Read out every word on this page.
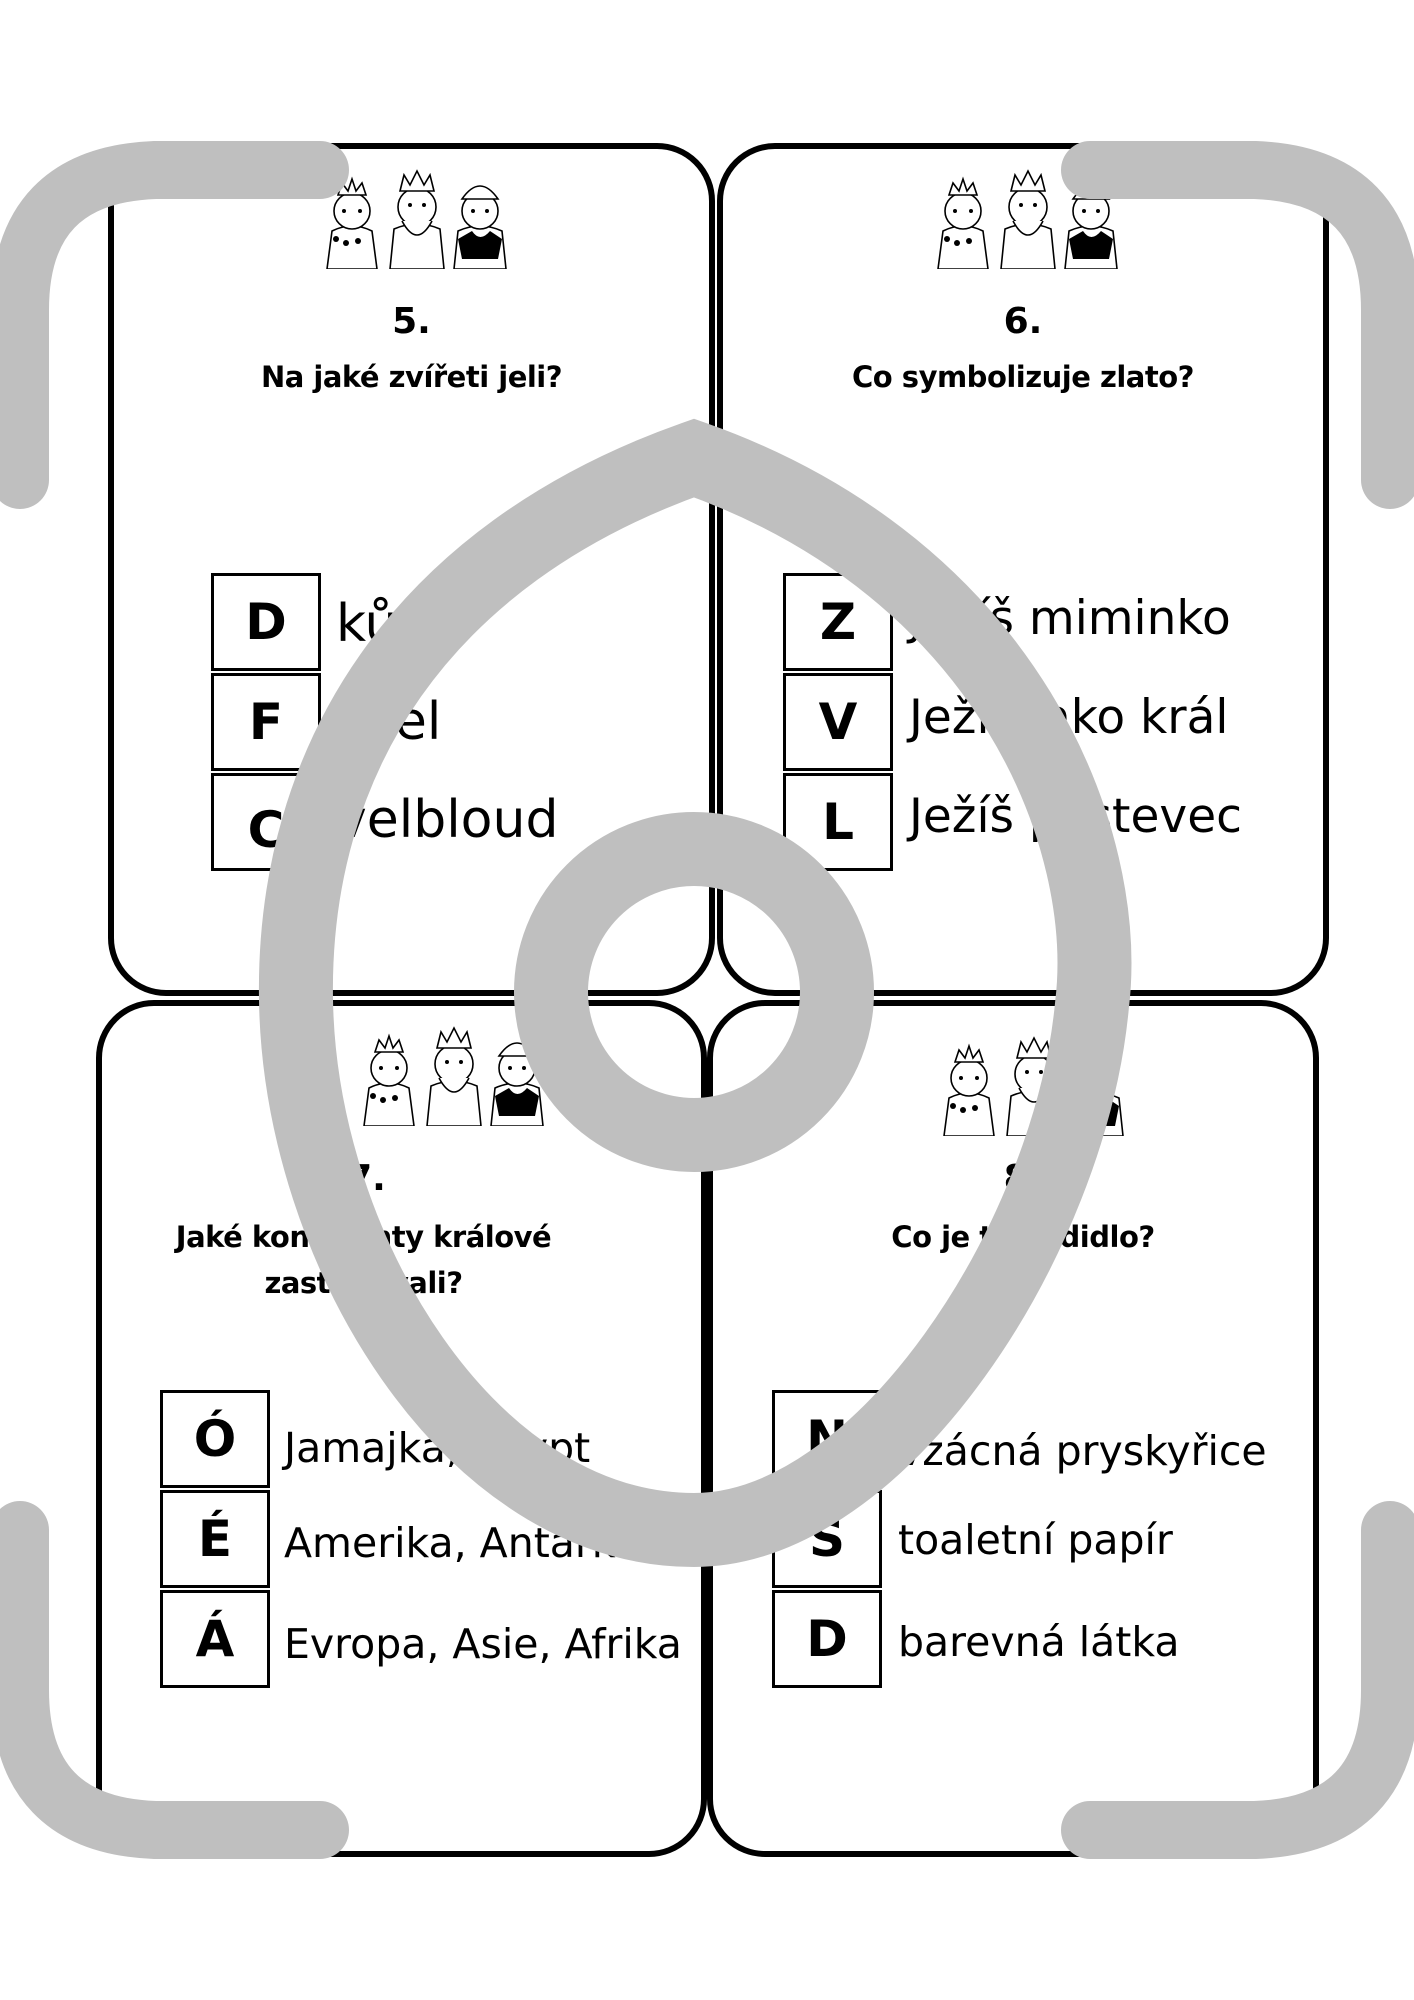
5.
Na jaké zvířeti jeli?
D
F
C
kůň
osel
velbloud
6.
Co symbolizuje zlato?
Z
V
L
Ježíš miminko
Ježíš jako král
Ježíš pastevec
7.
Jaké kontinenty králové
zastupovali?
Ó
É
Á
Jamajka, Egypt
Amerika, Antarktida
Evropa, Asie, Afrika
8.
Co je to kadidlo?
N
Š
D
vzácná pryskyřice
toaletní papír
barevná látka
